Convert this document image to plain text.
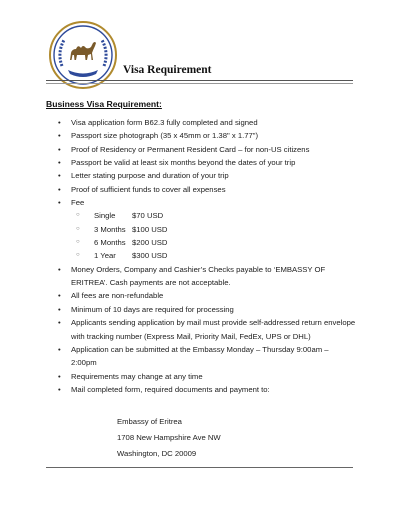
Visa Requirement
Business Visa Requirement:
• Visa application form B62.3 fully completed and signed
• Passport size photograph (35 x 45mm or 1.38" x 1.77")
• Proof of Residency or Permanent Resident Card – for non-US citizens
• Passport be valid at least six months beyond the dates of your trip
• Letter stating purpose and duration of your trip
• Proof of sufficient funds to cover all expenses
• Fee
○ Single $70 USD
○ 3 Months $100 USD
○ 6 Months $200 USD
○ 1 Year $300 USD
• Money Orders, Company and Cashier’s Checks payable to ‘EMBASSY OF ERITREA’. Cash payments are not acceptable.
• All fees are non-refundable
• Minimum of 10 days are required for processing
• Applicants sending application by mail must provide self-addressed return envelope with tracking number (Express Mail, Priority Mail, FedEx, UPS or DHL)
• Application can be submitted at the Embassy Monday – Thursday 9:00am – 2:00pm
• Requirements may change at any time
• Mail completed form, required documents and payment to:
Embassy of Eritrea
1708 New Hampshire Ave NW
Washington, DC 20009
